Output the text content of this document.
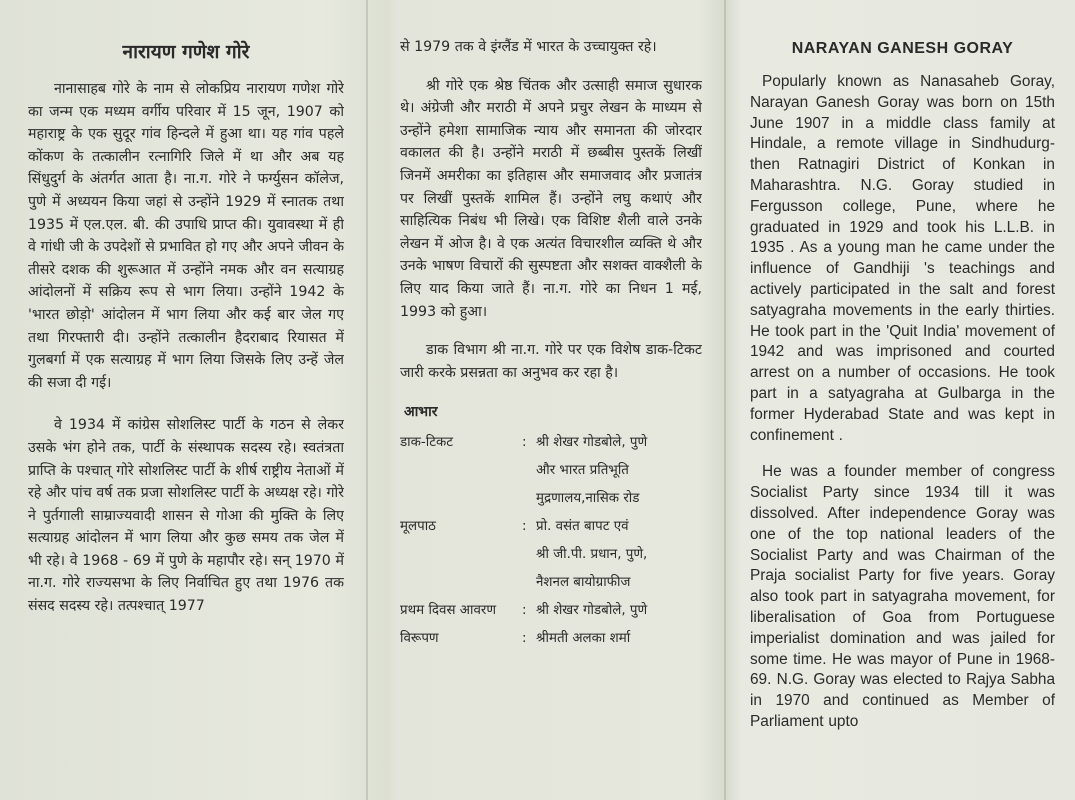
नारायण गणेश गोरे

नानासाहब गोरे के नाम से लोकप्रिय नारायण गणेश गोरे का जन्म एक मध्यम वर्गीय परिवार में 15 जून, 1907 को महाराष्ट्र के एक सुदूर गांव हिन्दले में हुआ था। यह गांव पहले कोंकण के तत्कालीन रत्नागिरि जिले में था और अब यह सिंधुदुर्ग के अंतर्गत आता है। ना.ग. गोरे ने फर्ग्युसन कॉलेज, पुणे में अध्ययन किया जहां से उन्होंने 1929 में स्नातक तथा 1935 में एल.एल. बी. की उपाधि प्राप्त की। युवावस्था में ही वे गांधी जी के उपदेशों से प्रभावित हो गए और अपने जीवन के तीसरे दशक की शुरूआत में उन्होंने नमक और वन सत्याग्रह आंदोलनों में सक्रिय रूप से भाग लिया। उन्होंने 1942 के 'भारत छोड़ो' आंदोलन में भाग लिया और कई बार जेल गए तथा गिरफ्तारी दी। उन्होंने तत्कालीन हैदराबाद रियासत में गुलबर्गा में एक सत्याग्रह में भाग लिया जिसके लिए उन्हें जेल की सजा दी गई।

वे 1934 में कांग्रेस सोशलिस्ट पार्टी के गठन से लेकर उसके भंग होने तक, पार्टी के संस्थापक सदस्य रहे। स्वतंत्रता प्राप्ति के पश्चात् गोरे सोशलिस्ट पार्टी के शीर्ष राष्ट्रीय नेताओं में रहे और पांच वर्ष तक प्रजा सोशलिस्ट पार्टी के अध्यक्ष रहे। गोरे ने पुर्तगाली साम्राज्यवादी शासन से गोआ की मुक्ति के लिए सत्याग्रह आंदोलन में भाग लिया और कुछ समय तक जेल में भी रहे। वे 1968 - 69 में पुणे के महापौर रहे। सन् 1970 में ना.ग. गोरे राज्यसभा के लिए निर्वाचित हुए तथा 1976 तक संसद सदस्य रहे। तत्पश्चात् 1977

से 1979 तक वे इंग्लैंड में भारत के उच्चायुक्त रहे।

श्री गोरे एक श्रेष्ठ चिंतक और उत्साही समाज सुधारक थे। अंग्रेजी और मराठी में अपने प्रचुर लेखन के माध्यम से उन्होंने हमेशा सामाजिक न्याय और समानता की जोरदार वकालत की है। उन्होंने मराठी में छब्बीस पुस्तकें लिखीं जिनमें अमरीका का इतिहास और समाजवाद और प्रजातंत्र पर लिखीं पुस्तकें शामिल हैं। उन्होंने लघु कथाएं और साहित्यिक निबंध भी लिखे। एक विशिष्ट शैली वाले उनके लेखन में ओज है। वे एक अत्यंत विचारशील व्यक्ति थे और उनके भाषण विचारों की सुस्पष्टता और सशक्त वाक्शैली के लिए याद किया जाते हैं। ना.ग. गोरे का निधन 1 मई, 1993 को हुआ।

डाक विभाग श्री ना.ग. गोरे पर एक विशेष डाक-टिकट जारी करके प्रसन्नता का अनुभव कर रहा है।

आभार
डाक-टिकट	: श्री शेखर गोडबोले, पुणे
और भारत प्रतिभूति
मुद्रणालय,नासिक रोड
मूलपाठ	: प्रो. वसंत बापट एवं
श्री जी.पी. प्रधान, पुणे,
नैशनल बायोग्राफीज
प्रथम दिवस आवरण	: श्री शेखर गोडबोले, पुणे
विरूपण	: श्रीमती अलका शर्मा
NARAYAN GANESH GORAY

Popularly known as Nanasaheb Goray, Narayan Ganesh Goray was born on 15th June 1907 in a middle class family at Hindale, a remote village in Sindhudurg-then Ratnagiri District of Konkan in Maharashtra. N.G. Goray studied in Fergusson college, Pune, where he graduated in 1929 and took his L.L.B. in 1935 . As a young man he came under the influence of Gandhiji 's teachings and actively participated in the salt and forest satyagraha movements in the early thirties. He took part in the 'Quit India' movement of 1942 and was imprisoned and courted arrest on a number of occasions. He took part in a satyagraha at Gulbarga in the former Hyderabad State and was kept in confinement .

He was a founder member of congress Socialist Party since 1934 till it was dissolved. After independence Goray was one of the top national leaders of the Socialist Party and was Chairman of the Praja socialist Party for five years. Goray also took part in satyagraha movement, for liberalisation of Goa from Portuguese imperialist domination and was jailed for some time. He was mayor of Pune in 1968-69. N.G. Goray was elected to Rajya Sabha in 1970 and continued as Member of Parliament upto
